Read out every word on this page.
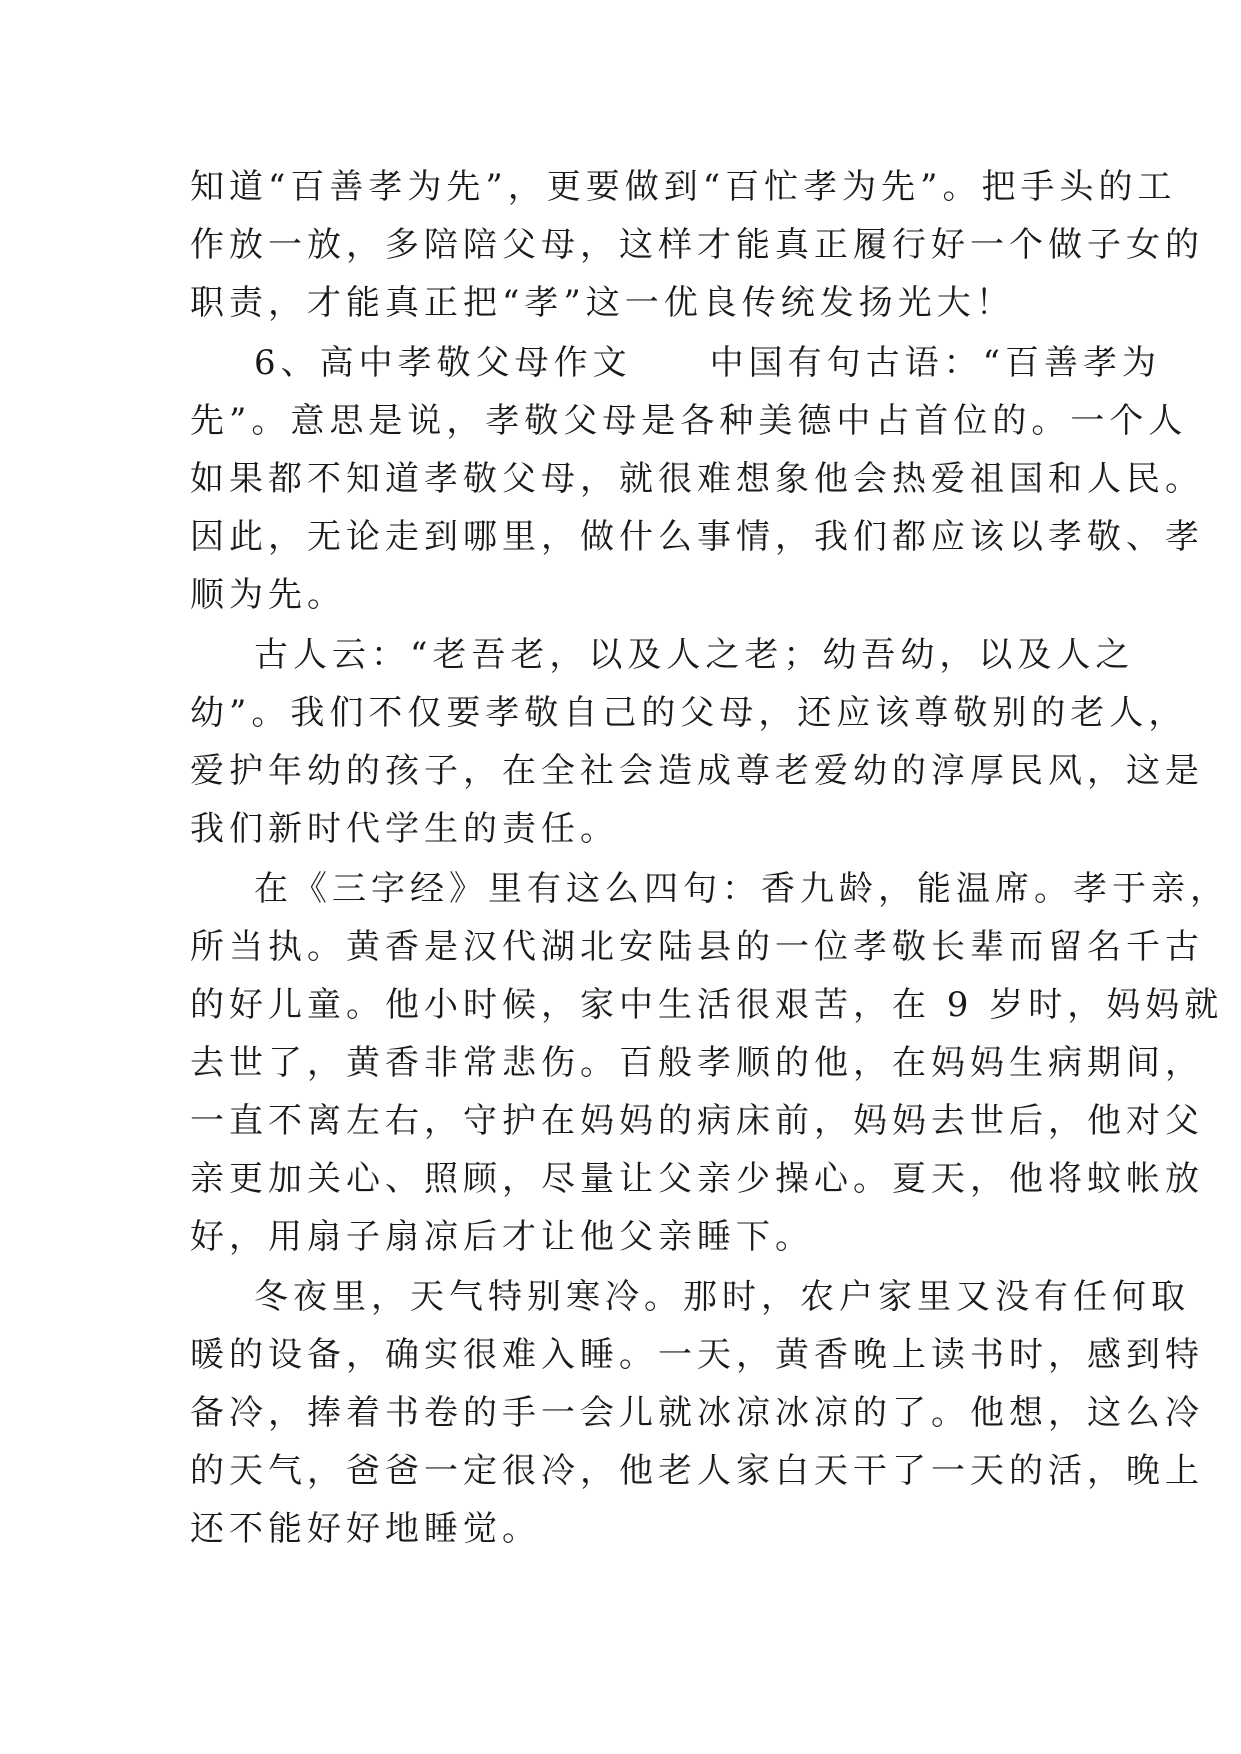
知道“百善孝为先”，更要做到“百忙孝为先”。把手头的工
作放一放，多陪陪父母，这样才能真正履行好一个做子女的
职责，才能真正把“孝”这一优良传统发扬光大！
6、高中孝敬父母作文　　中国有句古语：“百善孝为
先”。意思是说，孝敬父母是各种美德中占首位的。一个人
如果都不知道孝敬父母，就很难想象他会热爱祖国和人民。
因此，无论走到哪里，做什么事情，我们都应该以孝敬、孝
顺为先。
古人云：“老吾老，以及人之老；幼吾幼，以及人之
幼”。我们不仅要孝敬自己的父母，还应该尊敬别的老人，
爱护年幼的孩子，在全社会造成尊老爱幼的淳厚民风，这是
我们新时代学生的责任。
在《三字经》里有这么四句：香九龄，能温席。孝于亲，
所当执。黄香是汉代湖北安陆县的一位孝敬长辈而留名千古
的好儿童。他小时候，家中生活很艰苦，在 9 岁时，妈妈就
去世了，黄香非常悲伤。百般孝顺的他，在妈妈生病期间，
一直不离左右，守护在妈妈的病床前，妈妈去世后，他对父
亲更加关心、照顾，尽量让父亲少操心。夏天，他将蚊帐放
好，用扇子扇凉后才让他父亲睡下。
冬夜里，天气特别寒冷。那时，农户家里又没有任何取
暖的设备，确实很难入睡。一天，黄香晚上读书时，感到特
备冷，捧着书卷的手一会儿就冰凉冰凉的了。他想，这么冷
的天气，爸爸一定很冷，他老人家白天干了一天的活，晚上
还不能好好地睡觉。
